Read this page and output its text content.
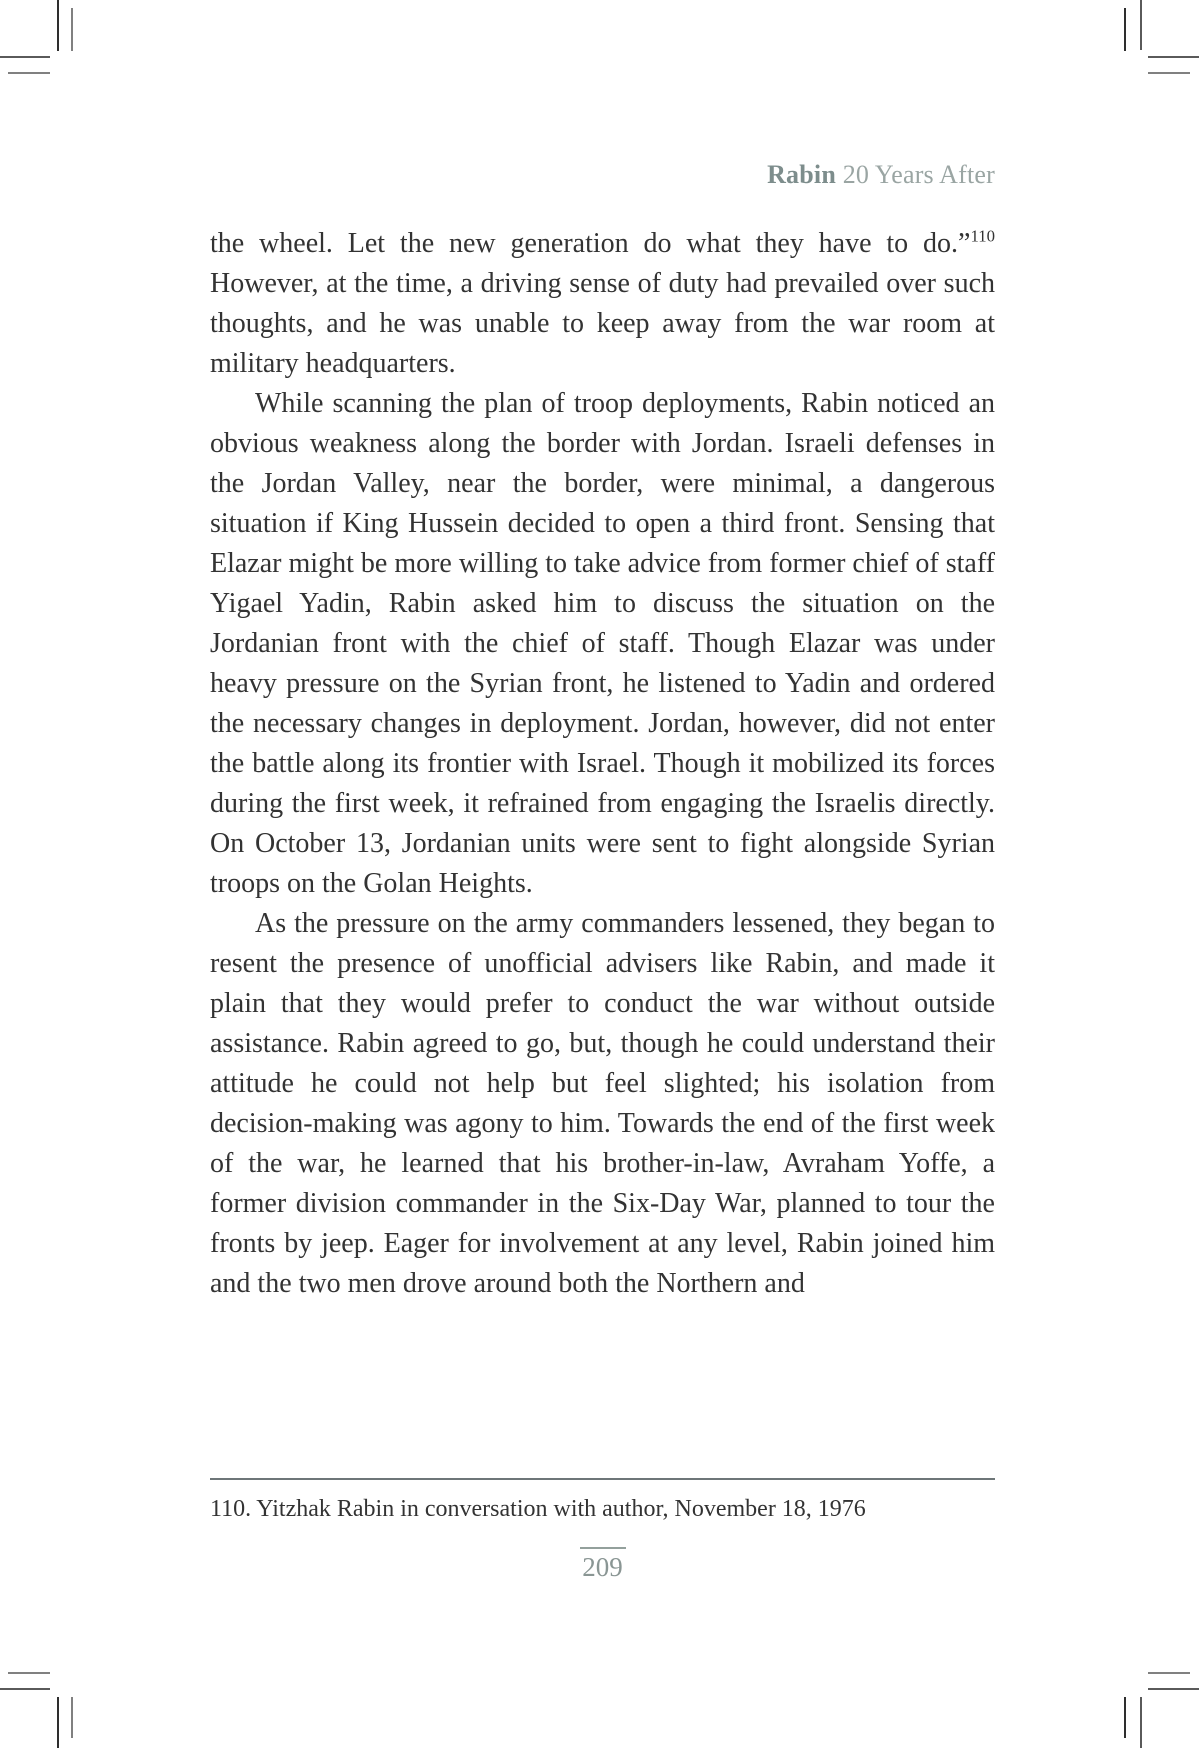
Rabin 20 Years After

the wheel. Let the new generation do what they have to do.”$^{110}$ However, at the time, a driving sense of duty had prevailed over such thoughts, and he was unable to keep away from the war room at military headquarters.

While scanning the plan of troop deployments, Rabin noticed an obvious weakness along the border with Jordan. Israeli defenses in the Jordan Valley, near the border, were minimal, a dangerous situation if King Hussein decided to open a third front. Sensing that Elazar might be more willing to take advice from former chief of staff Yigael Yadin, Rabin asked him to discuss the situation on the Jordanian front with the chief of staff. Though Elazar was under heavy pressure on the Syrian front, he listened to Yadin and ordered the necessary changes in deployment. Jordan, however, did not enter the battle along its frontier with Israel. Though it mobilized its forces during the first week, it refrained from engaging the Israelis directly. On October 13, Jordanian units were sent to fight alongside Syrian troops on the Golan Heights.

As the pressure on the army commanders lessened, they began to resent the presence of unofficial advisers like Rabin, and made it plain that they would prefer to conduct the war without outside assistance. Rabin agreed to go, but, though he could understand their attitude he could not help but feel slighted; his isolation from decision-making was agony to him. Towards the end of the first week of the war, he learned that his brother-in-law, Avraham Yoffe, a former division commander in the Six-Day War, planned to tour the fronts by jeep. Eager for involvement at any level, Rabin joined him and the two men drove around both the Northern and

110. Yitzhak Rabin in conversation with author, November 18, 1976

209
